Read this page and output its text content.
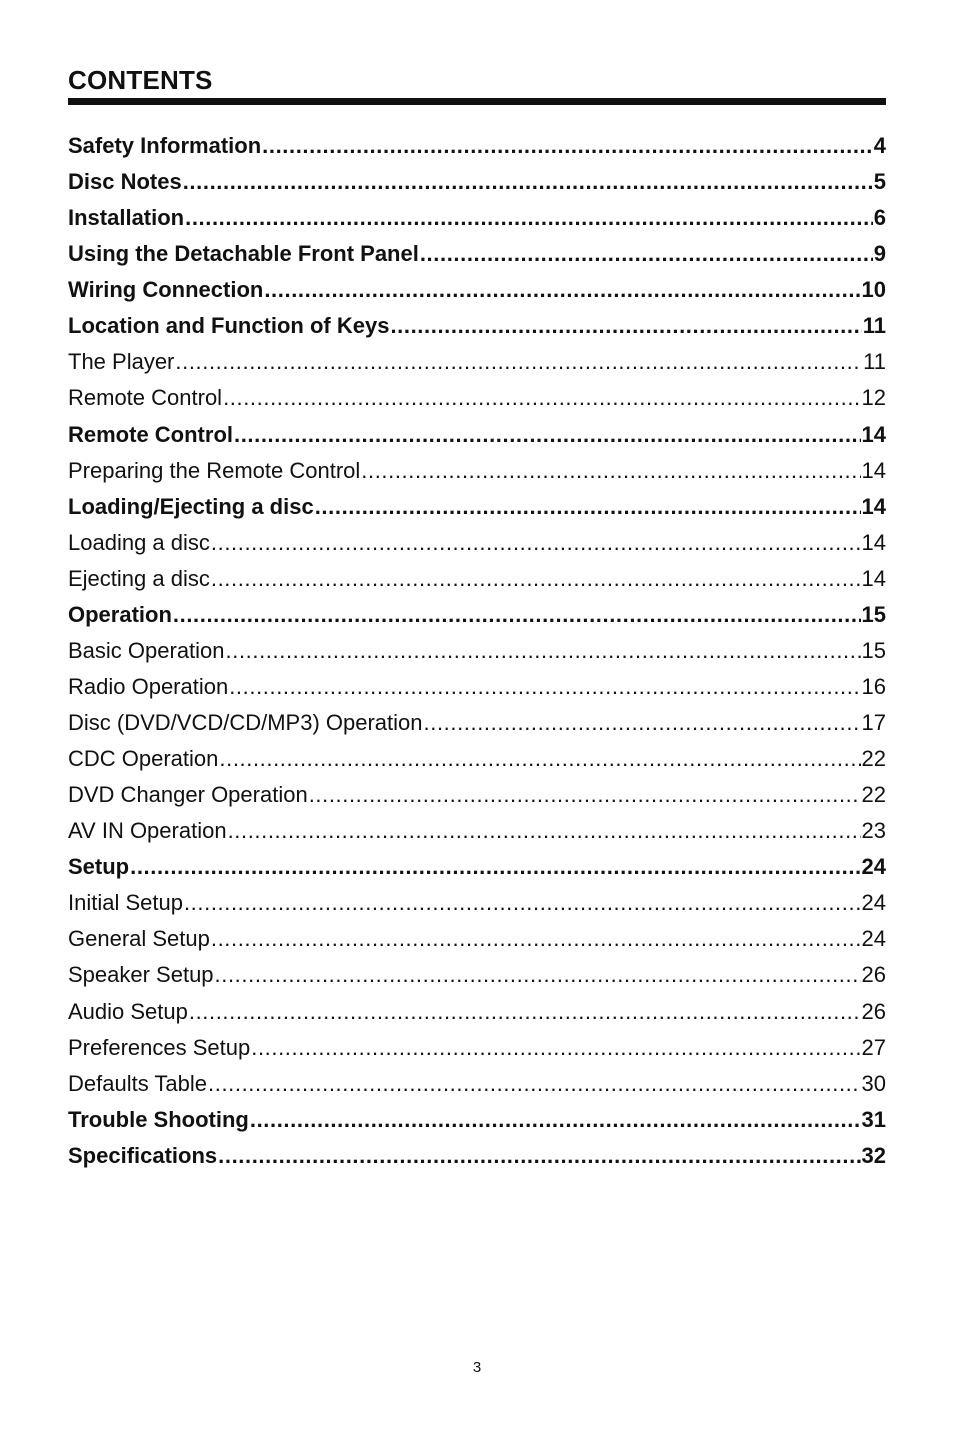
CONTENTS
Safety Information .....	4
Disc Notes .....	5
Installation .....	6
Using the Detachable Front Panel .....	9
Wiring Connection .....	10
Location and Function of Keys .....	11
The Player .....	11
Remote Control .....	12
Remote Control .....	14
Preparing the Remote Control .....	14
Loading/Ejecting a disc .....	14
Loading a disc .....	14
Ejecting a disc .....	14
Operation .....	15
Basic Operation .....	15
Radio Operation .....	16
Disc (DVD/VCD/CD/MP3) Operation .....	17
CDC Operation .....	22
DVD Changer Operation .....	22
AV IN Operation .....	23
Setup .....	24
Initial Setup .....	24
General Setup .....	24
Speaker Setup .....	26
Audio Setup .....	26
Preferences Setup .....	27
Defaults Table .....	30
Trouble Shooting .....	31
Specifications .....	32
3
